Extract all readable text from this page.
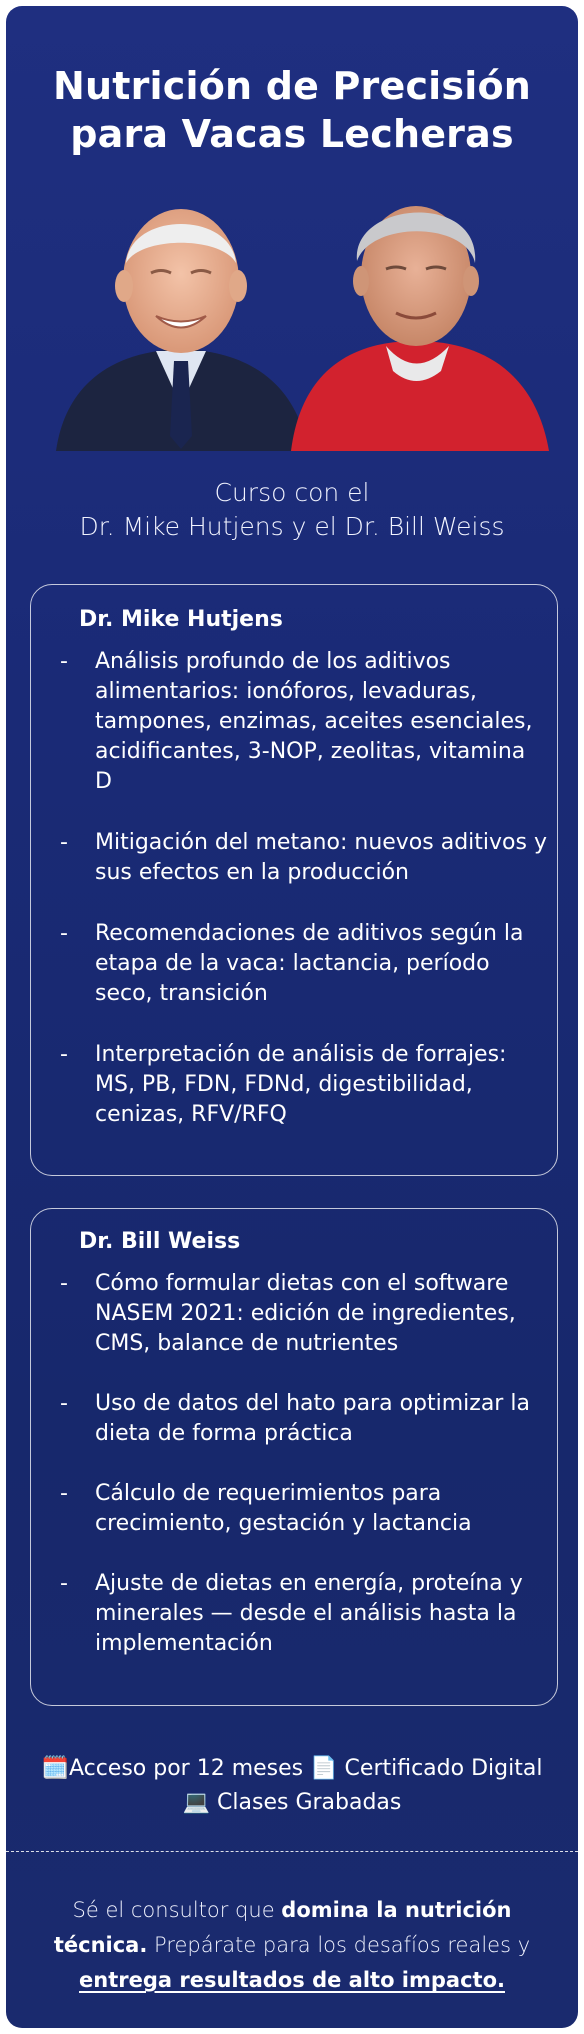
Nutrición de Precisión
para Vacas Lecheras
Curso con el
Dr. Mike Hutjens y el Dr. Bill Weiss
Dr. Mike Hutjens
-	Análisis profundo de los aditivos alimentarios: ionóforos, levaduras, tampones, enzimas, aceites esenciales, acidificantes, 3-NOP, zeolitas, vitamina D
-	Mitigación del metano: nuevos aditivos y sus efectos en la producción
-	Recomendaciones de aditivos según la etapa de la vaca: lactancia, período seco, transición
-	Interpretación de análisis de forrajes: MS, PB, FDN, FDNd, digestibilidad, cenizas, RFV/RFQ
Dr. Bill Weiss
-	Cómo formular dietas con el software NASEM 2021: edición de ingredientes, CMS, balance de nutrientes
-	Uso de datos del hato para optimizar la dieta de forma práctica
-	Cálculo de requerimientos para crecimiento, gestación y lactancia
-	Ajuste de dietas en energía, proteína y minerales — desde el análisis hasta la implementación
🗓️Acceso por 12 meses 📄 Certificado Digital
💻 Clases Grabadas
Sé el consultor que domina la nutrición técnica. Prepárate para los desafíos reales y entrega resultados de alto impacto.
